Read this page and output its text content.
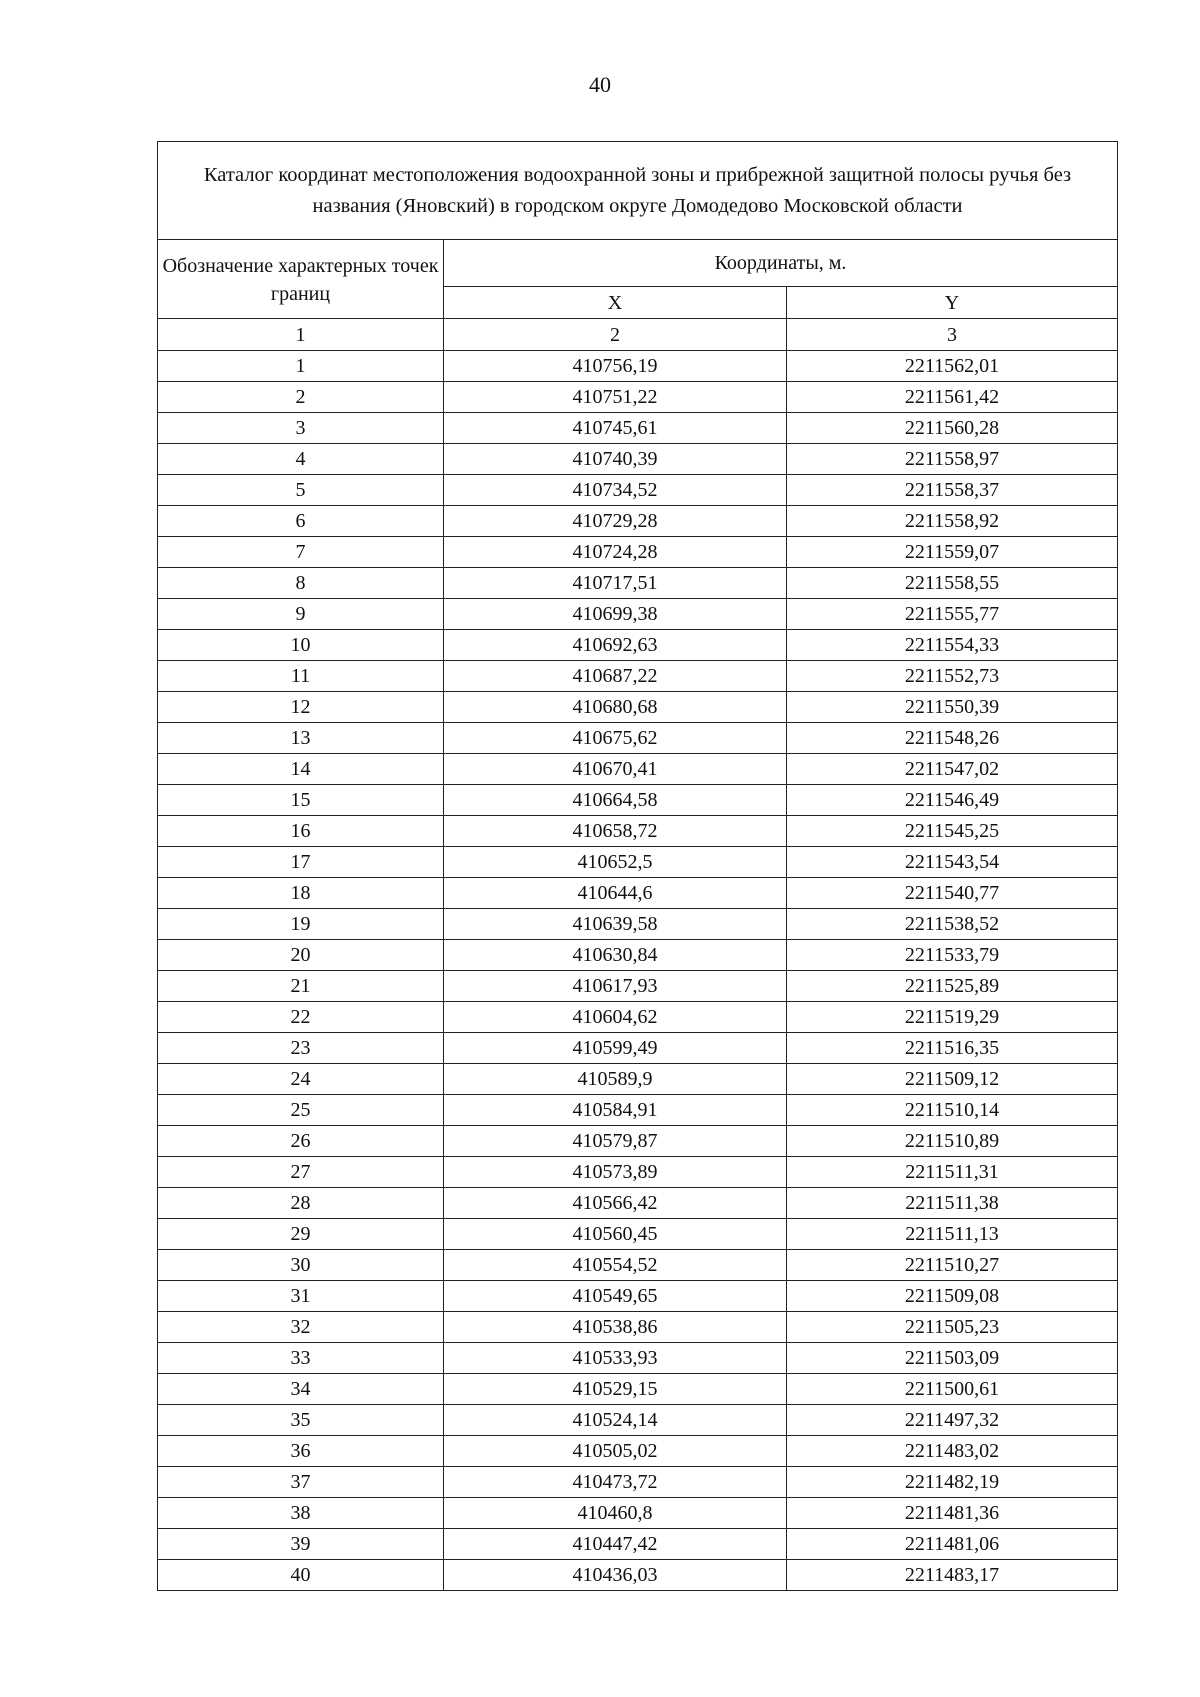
40
Каталог координат местоположения водоохранной зоны и прибрежной защитной полосы ручья без названия (Яновский) в городском округе Домодедово Московской области		
Обозначение характерных точек границ	Координаты, м.	
	X	Y
1	2	3
1	410756,19	2211562,01
2	410751,22	2211561,42
3	410745,61	2211560,28
4	410740,39	2211558,97
5	410734,52	2211558,37
6	410729,28	2211558,92
7	410724,28	2211559,07
8	410717,51	2211558,55
9	410699,38	2211555,77
10	410692,63	2211554,33
11	410687,22	2211552,73
12	410680,68	2211550,39
13	410675,62	2211548,26
14	410670,41	2211547,02
15	410664,58	2211546,49
16	410658,72	2211545,25
17	410652,5	2211543,54
18	410644,6	2211540,77
19	410639,58	2211538,52
20	410630,84	2211533,79
21	410617,93	2211525,89
22	410604,62	2211519,29
23	410599,49	2211516,35
24	410589,9	2211509,12
25	410584,91	2211510,14
26	410579,87	2211510,89
27	410573,89	2211511,31
28	410566,42	2211511,38
29	410560,45	2211511,13
30	410554,52	2211510,27
31	410549,65	2211509,08
32	410538,86	2211505,23
33	410533,93	2211503,09
34	410529,15	2211500,61
35	410524,14	2211497,32
36	410505,02	2211483,02
37	410473,72	2211482,19
38	410460,8	2211481,36
39	410447,42	2211481,06
40	410436,03	2211483,17
